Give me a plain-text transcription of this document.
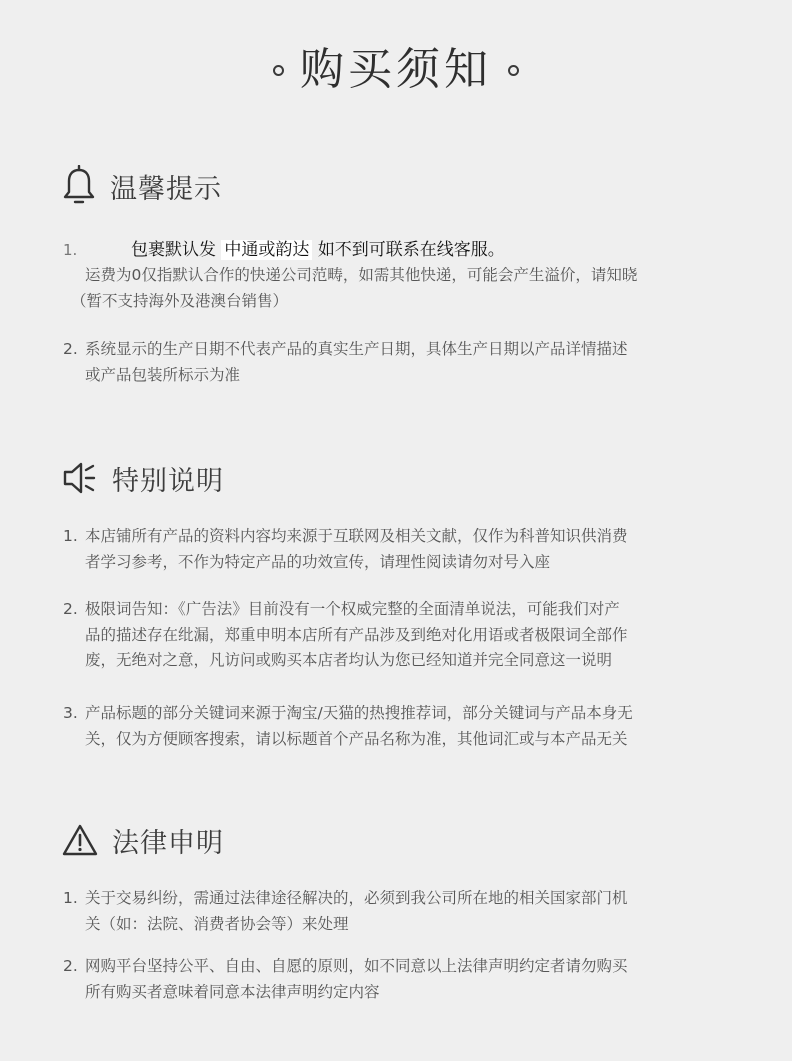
购买须知
温馨提示
1.	包裹默认发 中通或韵达 如不到可联系在线客服。
运费为0仅指默认合作的快递公司范畴，如需其他快递，可能会产生溢价，请知晓
（暂不支持海外及港澳台销售）
2. 系统显示的生产日期不代表产品的真实生产日期，具体生产日期以产品详情描述
或产品包装所标示为准
特别说明
1. 本店铺所有产品的资料内容均来源于互联网及相关文献，仅作为科普知识供消费
者学习参考，不作为特定产品的功效宣传，请理性阅读请勿对号入座
2. 极限词告知：《广告法》目前没有一个权威完整的全面清单说法，可能我们对产
品的描述存在纰漏，郑重申明本店所有产品涉及到绝对化用语或者极限词全部作
废，无绝对之意，凡访问或购买本店者均认为您已经知道并完全同意这一说明
3. 产品标题的部分关键词来源于淘宝/天猫的热搜推荐词，部分关键词与产品本身无
关，仅为方便顾客搜索，请以标题首个产品名称为准，其他词汇或与本产品无关
法律申明
1. 关于交易纠纷，需通过法律途径解决的，必须到我公司所在地的相关国家部门机
关（如：法院、消费者协会等）来处理
2. 网购平台坚持公平、自由、自愿的原则，如不同意以上法律声明约定者请勿购买
所有购买者意味着同意本法律声明约定内容
